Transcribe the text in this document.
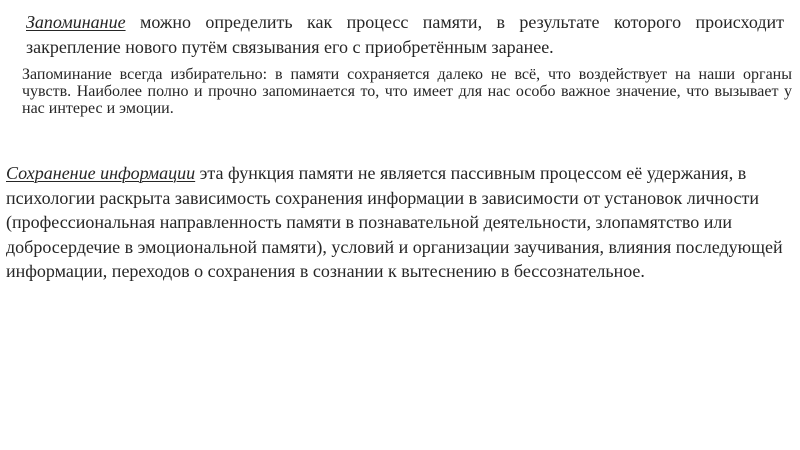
Запоминание можно определить как процесс памяти, в результате которого происходит закрепление нового путём связывания его с приобретённым заранее.

Запоминание всегда избирательно: в памяти сохраняется далеко не всё, что воздействует на наши органы чувств. Наиболее полно и прочно запоминается то, что имеет для нас особо важное значение, что вызывает у нас интерес и эмоции.

Сохранение информации эта функция памяти не является пассивным процессом её удержания, в психологии раскрыта зависимость сохранения информации в зависимости от установок личности (профессиональная направленность памяти в познавательной деятельности, злопамятство или добросердечие в эмоциональной памяти), условий и организации заучивания, влияния последующей информации, переходов о сохранения в сознании к вытеснению в бессознательное.
